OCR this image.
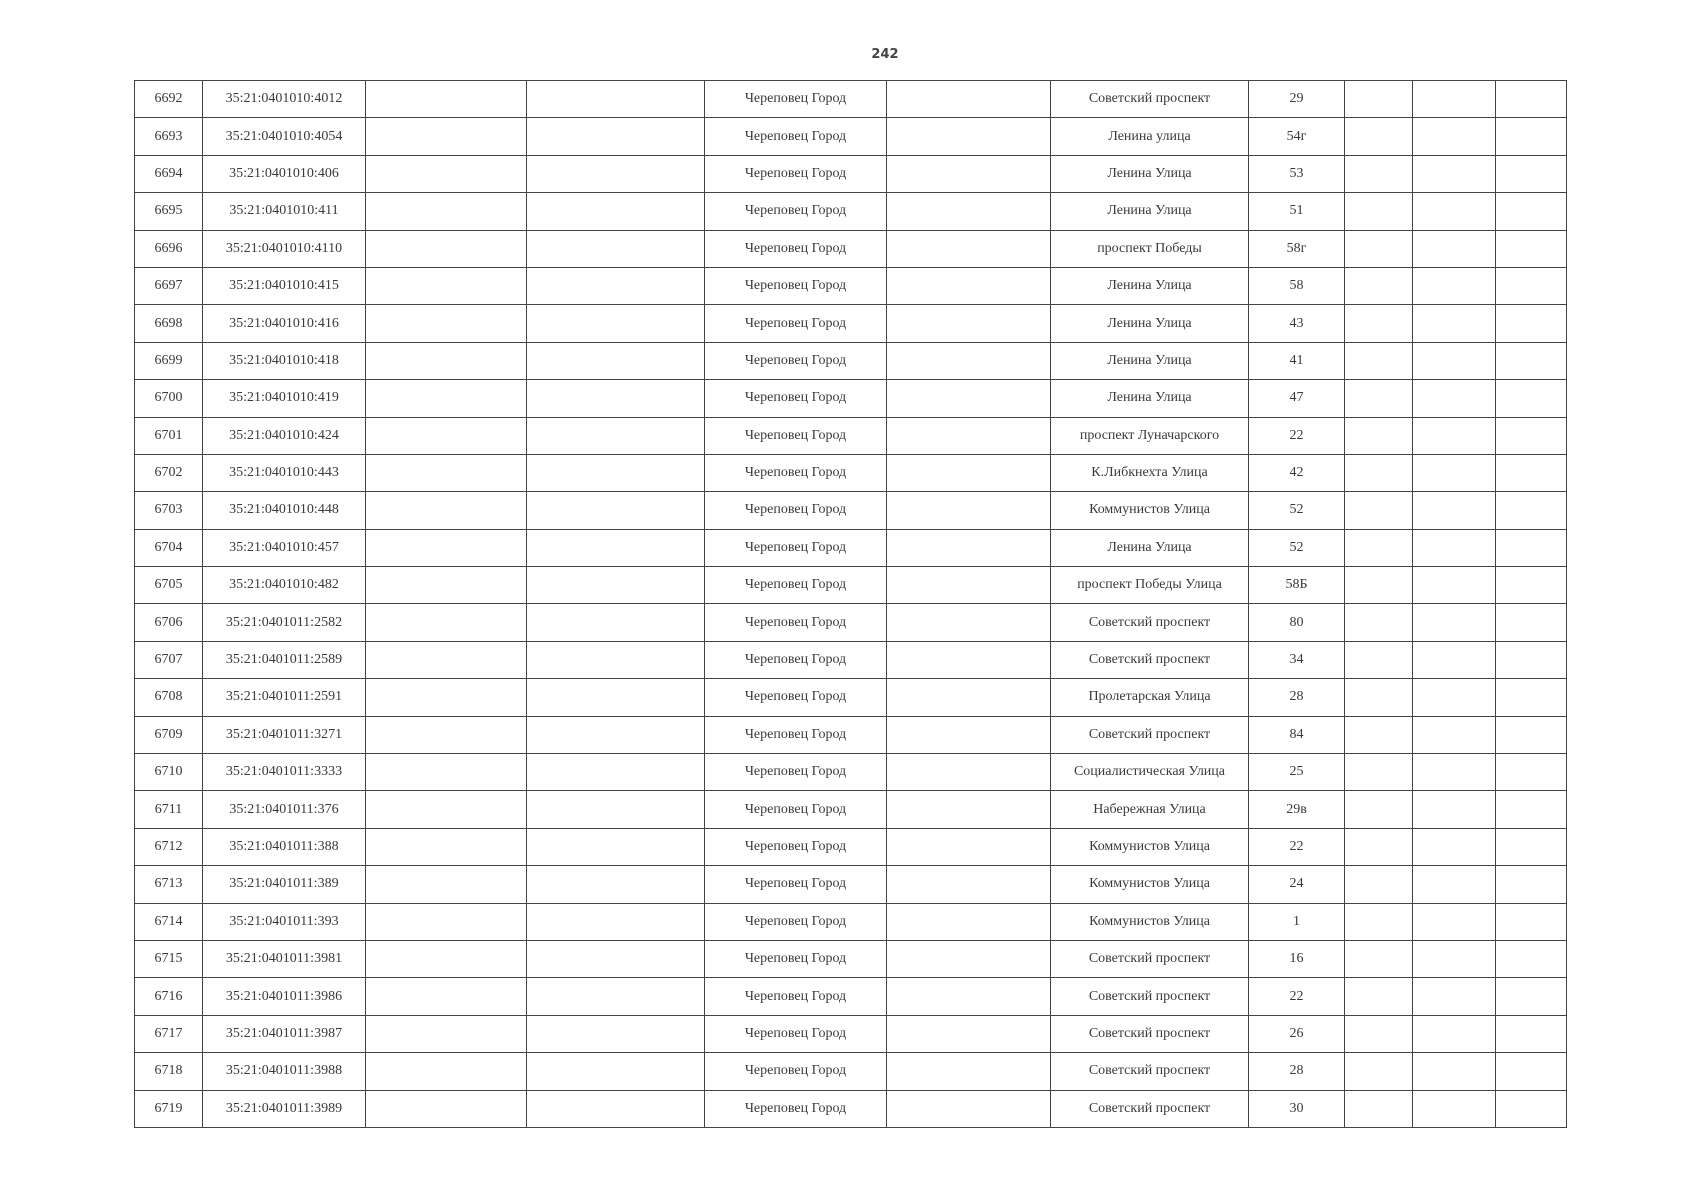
242
6692	35:21:0401010:4012			Череповец Город		Советский проспект	29			
6693	35:21:0401010:4054			Череповец Город		Ленина улица	54г			
6694	35:21:0401010:406			Череповец Город		Ленина Улица	53			
6695	35:21:0401010:411			Череповец Город		Ленина Улица	51			
6696	35:21:0401010:4110			Череповец Город		проспект Победы	58г			
6697	35:21:0401010:415			Череповец Город		Ленина Улица	58			
6698	35:21:0401010:416			Череповец Город		Ленина Улица	43			
6699	35:21:0401010:418			Череповец Город		Ленина Улица	41			
6700	35:21:0401010:419			Череповец Город		Ленина Улица	47			
6701	35:21:0401010:424			Череповец Город		проспект Луначарского	22			
6702	35:21:0401010:443			Череповец Город		К.Либкнехта Улица	42			
6703	35:21:0401010:448			Череповец Город		Коммунистов Улица	52			
6704	35:21:0401010:457			Череповец Город		Ленина Улица	52			
6705	35:21:0401010:482			Череповец Город		проспект Победы Улица	58Б			
6706	35:21:0401011:2582			Череповец Город		Советский проспект	80			
6707	35:21:0401011:2589			Череповец Город		Советский проспект	34			
6708	35:21:0401011:2591			Череповец Город		Пролетарская Улица	28			
6709	35:21:0401011:3271			Череповец Город		Советский проспект	84			
6710	35:21:0401011:3333			Череповец Город		Социалистическая Улица	25			
6711	35:21:0401011:376			Череповец Город		Набережная Улица	29в			
6712	35:21:0401011:388			Череповец Город		Коммунистов Улица	22			
6713	35:21:0401011:389			Череповец Город		Коммунистов Улица	24			
6714	35:21:0401011:393			Череповец Город		Коммунистов Улица	1			
6715	35:21:0401011:3981			Череповец Город		Советский проспект	16			
6716	35:21:0401011:3986			Череповец Город		Советский проспект	22			
6717	35:21:0401011:3987			Череповец Город		Советский проспект	26			
6718	35:21:0401011:3988			Череповец Город		Советский проспект	28			
6719	35:21:0401011:3989			Череповец Город		Советский проспект	30			
